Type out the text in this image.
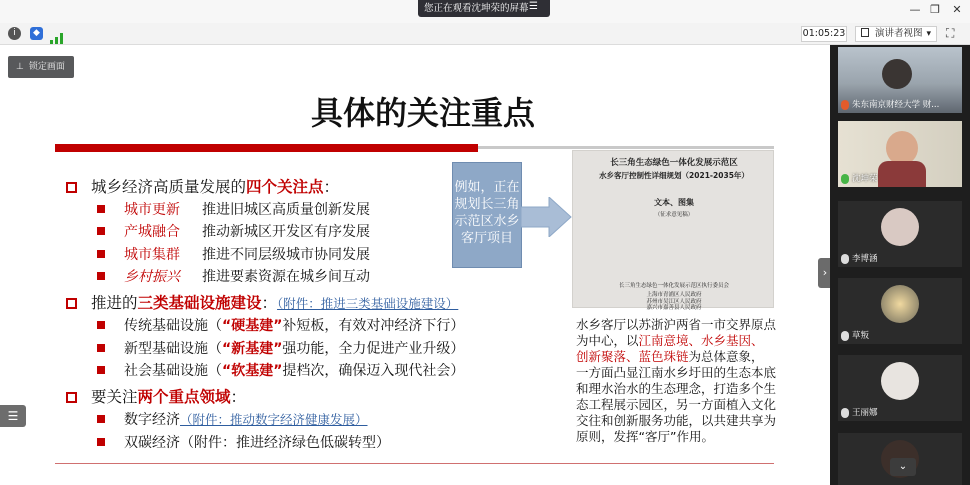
您正在观看沈坤荣的屏幕 ☰	— ❐	✕
i	◆	01:05:23	演讲者视图 ▾ ⛶
⊥ 锁定画面
具体的关注重点
城乡经济高质量发展的四个关注点：
城市更新 推进旧城区高质量创新发展
产城融合 推动新城区开发区有序发展
城市集群 推进不同层级城市协同发展
乡村振兴 推进要素资源在城乡间互动
推进的三类基础设施建设：（附件：推进三类基础设施建设）
传统基础设施（“硬基建”补短板，有效对冲经济下行）
新型基础设施（“新基建”强功能，全力促进产业升级）
社会基础设施（“软基建”提档次，确保迈入现代社会）
要关注两个重点领域：
数字经济（附件：推动数字经济健康发展）
双碳经济（附件：推进经济绿色低碳转型）
例如，正在规划长三角示范区水乡客厅项目
长三角生态绿色一体化发展示范区
水乡客厅控制性详细规划（2021-2035年）
文本、图集
（征求意见稿）
长三角生态绿色一体化发展示范区执行委员会
上海市青浦区人民政府
苏州市吴江区人民政府
嘉兴市嘉善县人民政府
水乡客厅以苏浙沪两省一市交界原点为中心，以江南意境、水乡基因、创新聚落、蓝色珠链为总体意象，一方面凸显江南水乡圩田的生态本底和理水治水的生态理念，打造多个生态工程展示园区，另一方面植入文化交往和创新服务功能，以共建共享为原则，发挥“客厅”作用。
☰
›
朱东南京财经大学 财...
沈坤荣
李博涵
草叛
王丽娜
⌄
